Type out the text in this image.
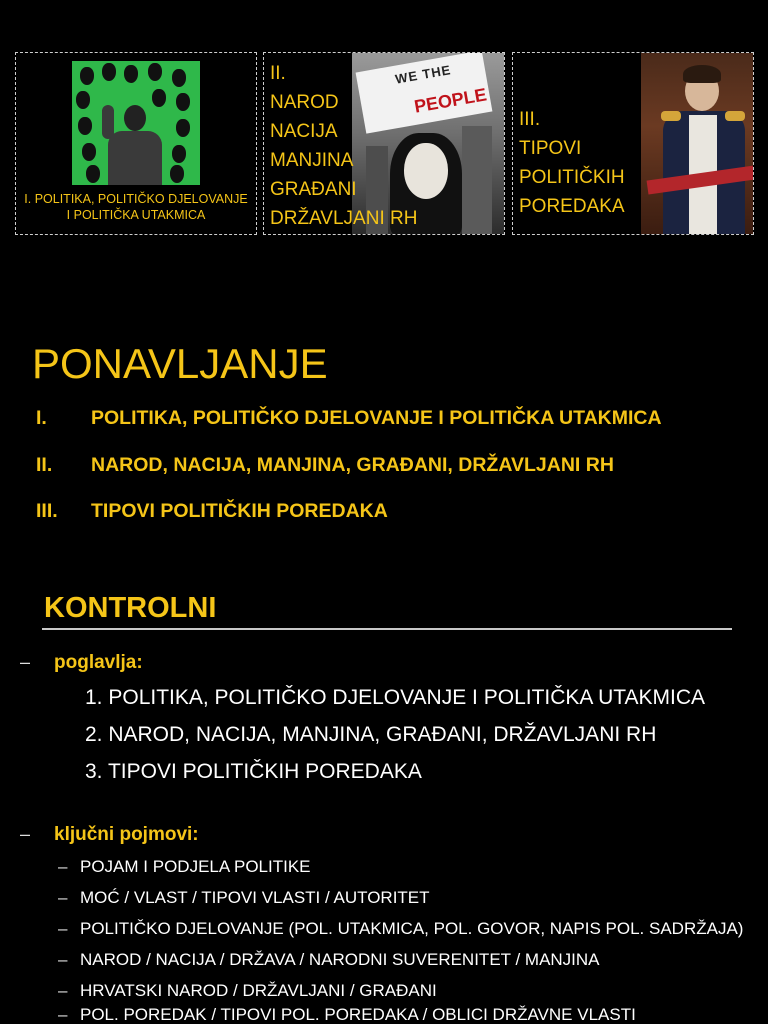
I. POLITIKA, POLITIČKO DJELOVANJE
I POLITIČKA UTAKMICA
WE THE
PEOPLE
II.
NAROD
NACIJA
MANJINA
GRAĐANI
DRŽAVLJANI RH
III.
TIPOVI
POLITIČKIH
POREDAKA
PONAVLJANJE
I. POLITIKA, POLITIČKO DJELOVANJE I POLITIČKA UTAKMICA
II. NAROD, NACIJA, MANJINA, GRAĐANI, DRŽAVLJANI RH
III. TIPOVI POLITIČKIH POREDAKA
KONTROLNI
– poglavlja:
1. POLITIKA, POLITIČKO DJELOVANJE I POLITIČKA UTAKMICA
2. NAROD, NACIJA, MANJINA, GRAĐANI, DRŽAVLJANI RH
3. TIPOVI POLITIČKIH POREDAKA
– ključni pojmovi:
– POJAM I PODJELA POLITIKE
– MOĆ / VLAST / TIPOVI VLASTI / AUTORITET
– POLITIČKO DJELOVANJE (POL. UTAKMICA, POL. GOVOR, NAPIS POL. SADRŽAJA)
– NAROD / NACIJA / DRŽAVA / NARODNI SUVERENITET / MANJINA
– HRVATSKI NAROD / DRŽAVLJANI / GRAĐANI
– POL. POREDAK / TIPOVI POL. POREDAKA / OBLICI DRŽAVNE VLASTI
